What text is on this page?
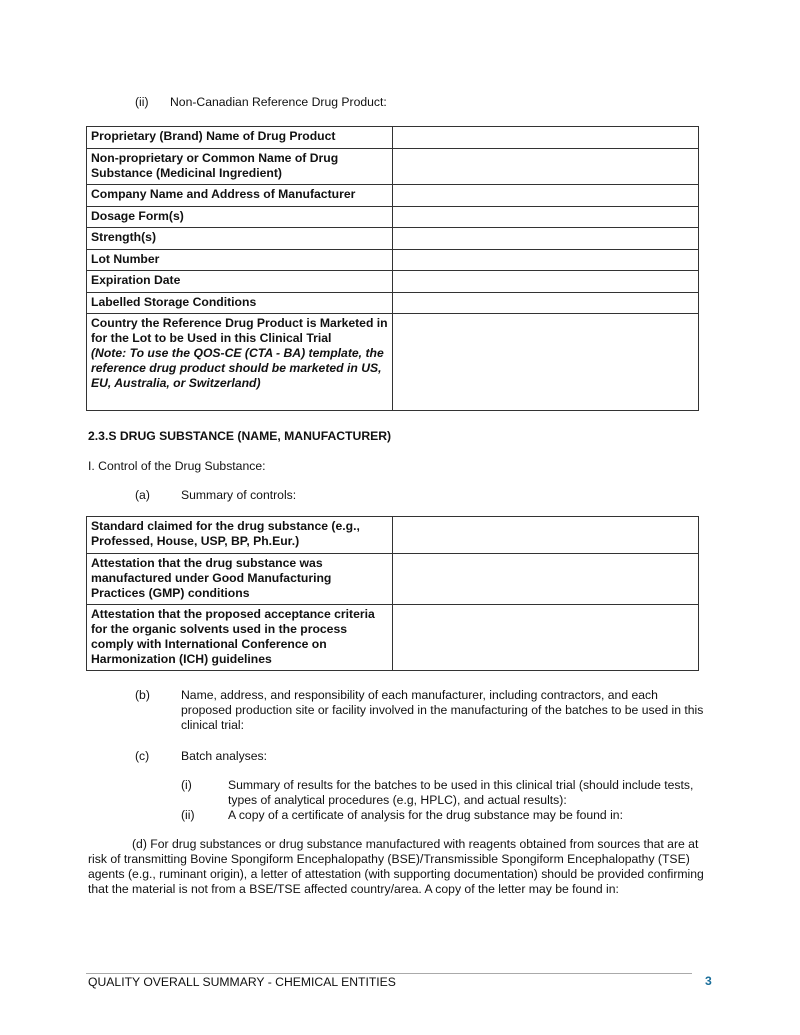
(ii) Non-Canadian Reference Drug Product:
Proprietary (Brand) Name of Drug Product	
Non-proprietary or Common Name of Drug Substance (Medicinal Ingredient)	
Company Name and Address of Manufacturer	
Dosage Form(s)	
Strength(s)	
Lot Number	
Expiration Date	
Labelled Storage Conditions	
Country the Reference Drug Product is Marketed in for the Lot to be Used in this Clinical Trial
(Note: To use the QOS-CE (CTA - BA) template, the reference drug product should be marketed in US, EU, Australia, or Switzerland)	

2.3.S DRUG SUBSTANCE (NAME, MANUFACTURER)
I. Control of the Drug Substance:
(a)	Summary of controls:
Standard claimed for the drug substance (e.g., Professed, House, USP, BP, Ph.Eur.)	
Attestation that the drug substance was manufactured under Good Manufacturing Practices (GMP) conditions	
Attestation that the proposed acceptance criteria for the organic solvents used in the process comply with International Conference on Harmonization (ICH) guidelines	
(b)	Name, address, and responsibility of each manufacturer, including contractors, and each proposed production site or facility involved in the manufacturing of the batches to be used in this clinical trial:
(c)	Batch analyses:
(i)	Summary of results for the batches to be used in this clinical trial (should include tests, types of analytical procedures (e.g, HPLC), and actual results):
(ii)	A copy of a certificate of analysis for the drug substance may be found in:
(d) For drug substances or drug substance manufactured with reagents obtained from sources that are at risk of transmitting Bovine Spongiform Encephalopathy (BSE)/Transmissible Spongiform Encephalopathy (TSE) agents (e.g., ruminant origin), a letter of attestation (with supporting documentation) should be provided confirming that the material is not from a BSE/TSE affected country/area. A copy of the letter may be found in:
QUALITY OVERALL SUMMARY - CHEMICAL ENTITIES	3
